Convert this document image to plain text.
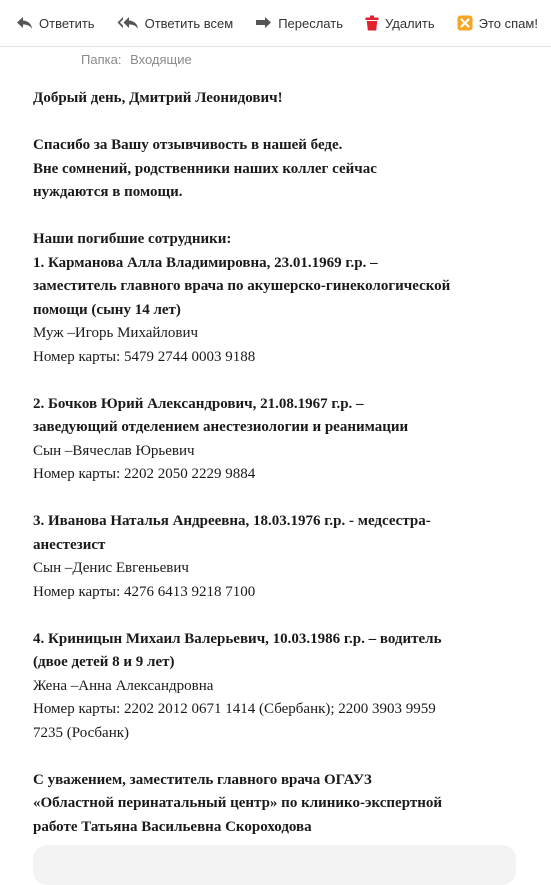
Ответить	Ответить всем	Переслать	Удалить	Это спам!
Папка: Входящие

Добрый день, Дмитрий Леонидович!

Спасибо за Вашу отзывчивость в нашей беде.
Вне сомнений, родственники наших коллег сейчас
нуждаются в помощи.

Наши погибшие сотрудники:
1. Карманова Алла Владимировна, 23.01.1969 г.р. –
заместитель главного врача по акушерско-гинекологической
помощи (сыну 14 лет)
Муж –Игорь Михайлович
Номер карты: 5479 2744 0003 9188

2. Бочков Юрий Александрович, 21.08.1967 г.р. –
заведующий отделением анестезиологии и реанимации
Сын –Вячеслав Юрьевич
Номер карты: 2202 2050 2229 9884

3. Иванова Наталья Андреевна, 18.03.1976 г.р. - медсестра-
анестезист
Сын –Денис Евгеньевич
Номер карты: 4276 6413 9218 7100

4. Криницын Михаил Валерьевич, 10.03.1986 г.р. – водитель
(двое детей 8 и 9 лет)
Жена –Анна Александровна
Номер карты: 2202 2012 0671 1414 (Сбербанк); 2200 3903 9959
7235 (Росбанк)

С уважением, заместитель главного врача ОГАУЗ
«Областной перинатальный центр» по клинико-экспертной
работе Татьяна Васильевна Скороходова
